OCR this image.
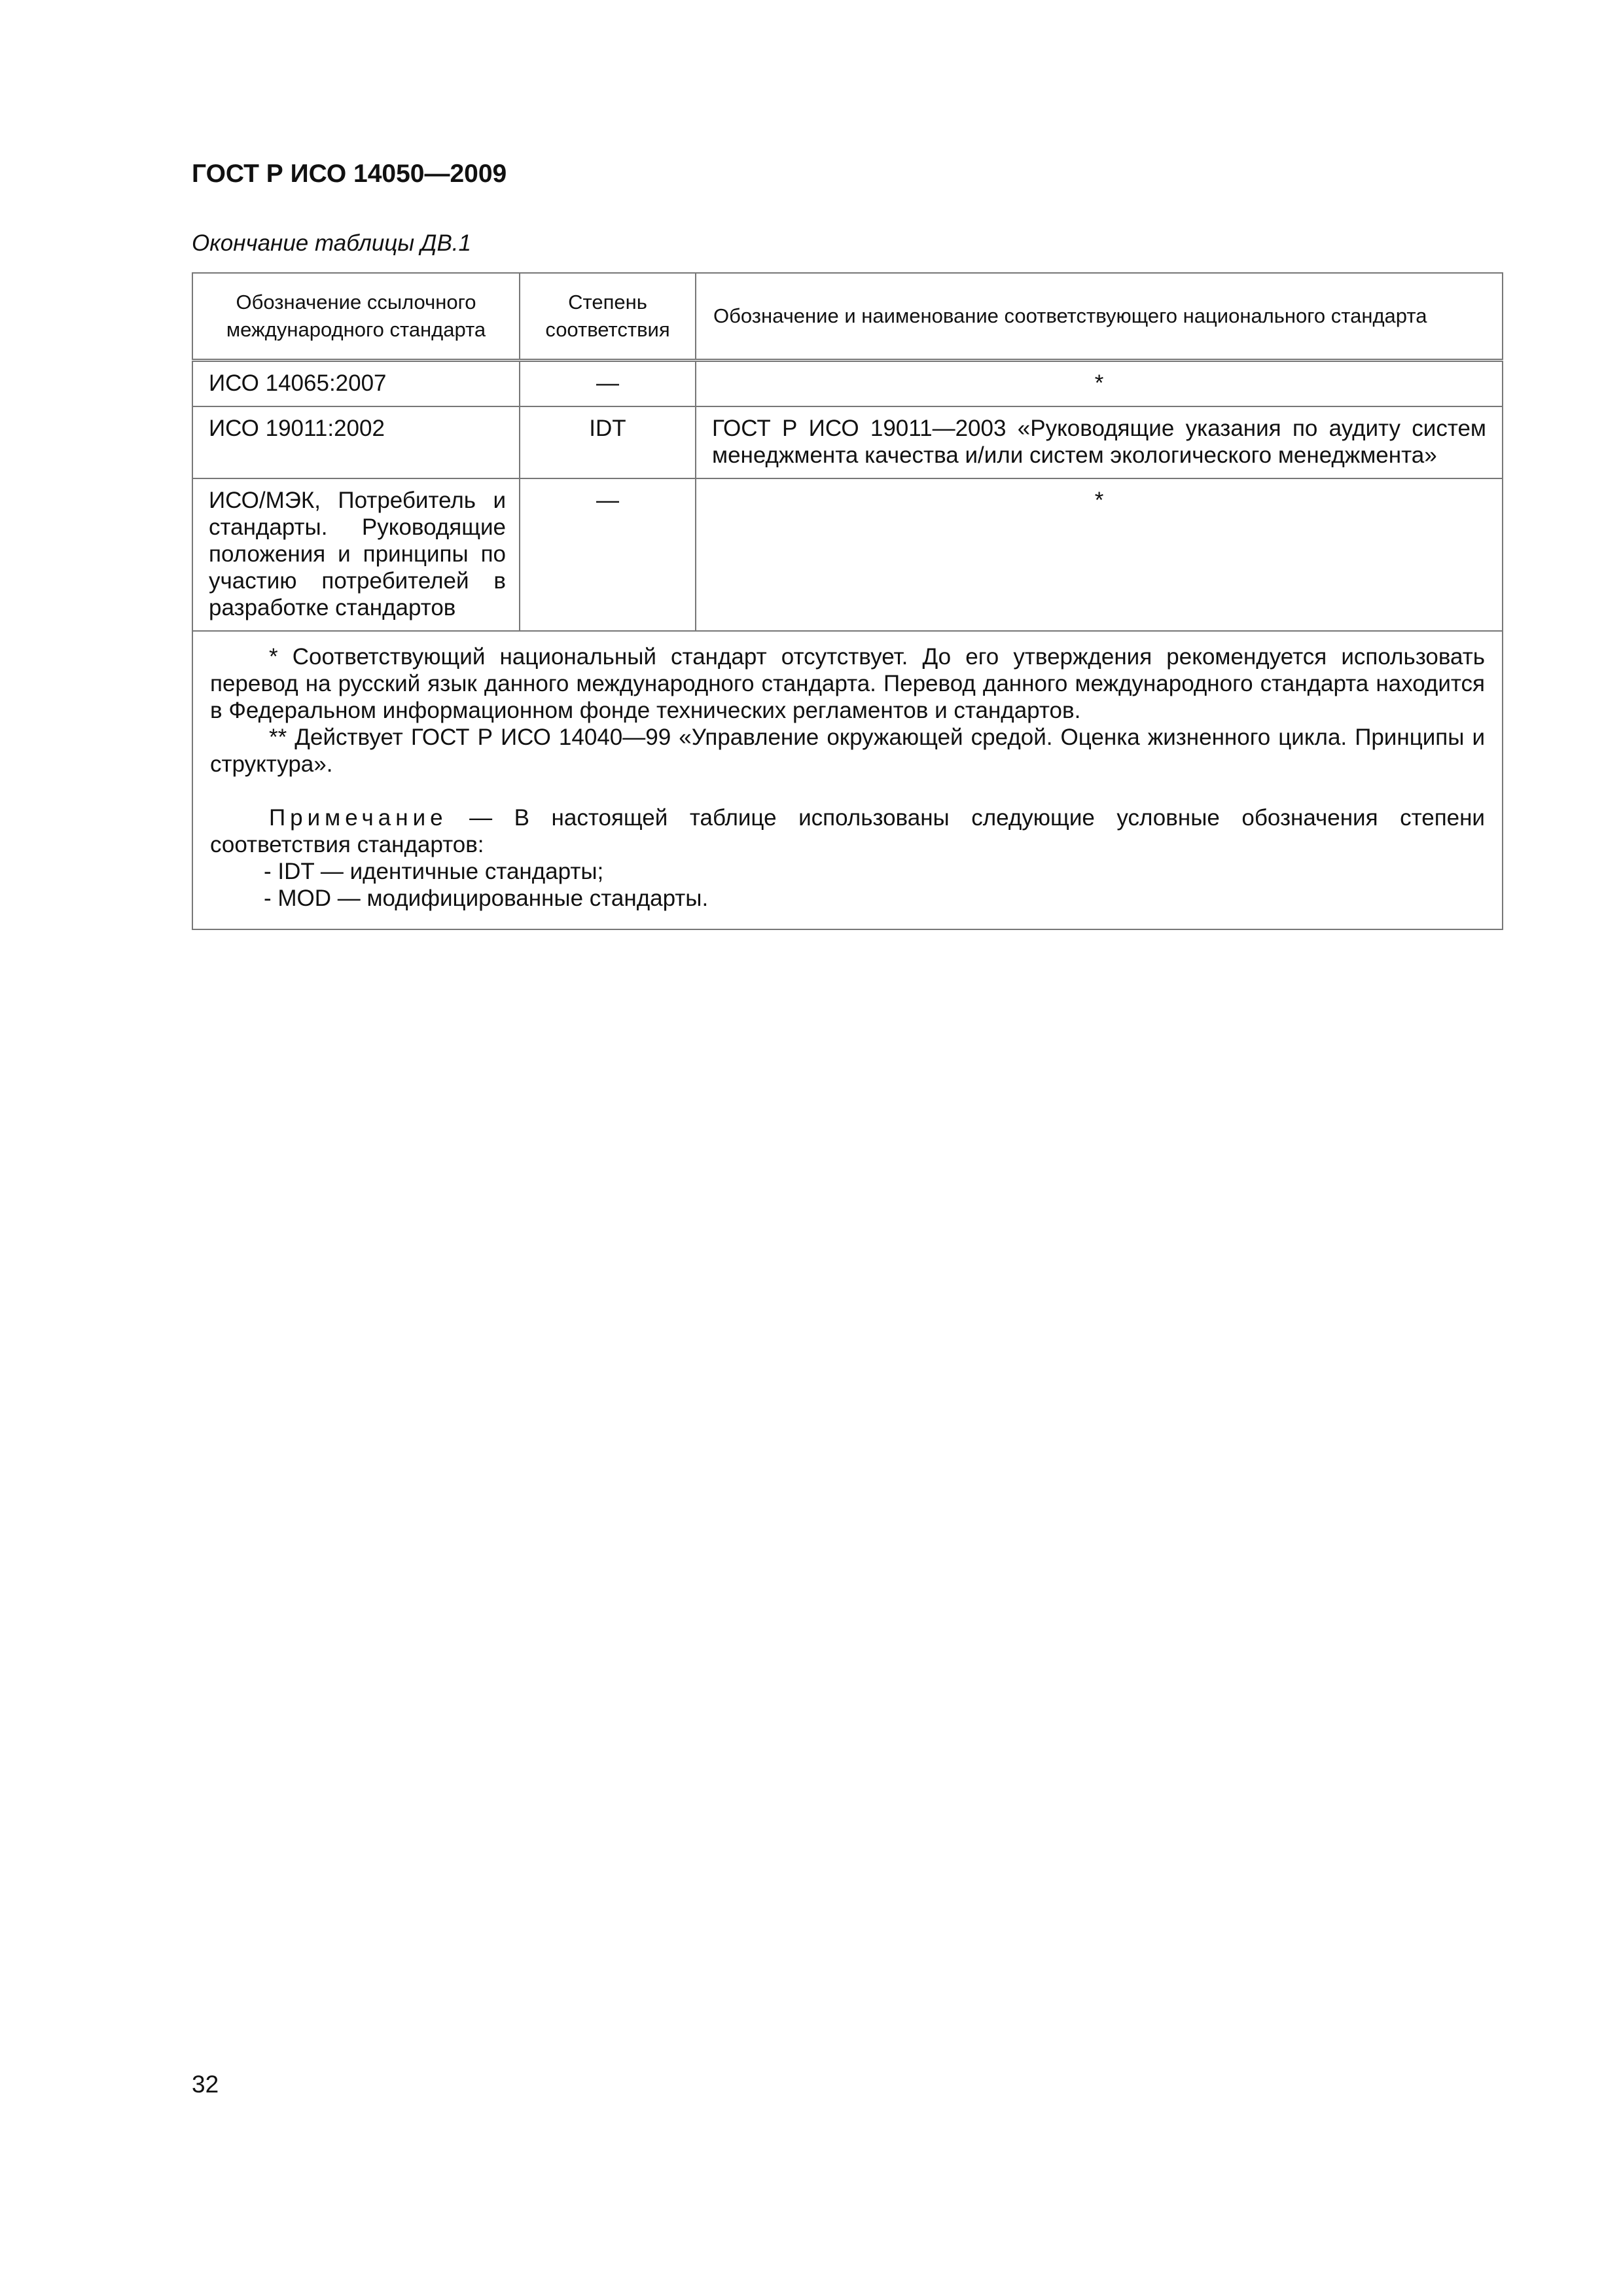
ГОСТ Р ИСО 14050—2009
Окончание таблицы ДВ.1
Обозначение ссылочного международного стандарта	Степень соответствия	Обозначение и наименование соответствующего национального стандарта
ИСО 14065:2007	—	*
ИСО 19011:2002	IDT	ГОСТ Р ИСО 19011—2003 «Руководящие указания по аудиту систем менеджмента качества и/или систем экологического менеджмента»
ИСО/МЭК, Потребитель и стандарты. Руководящие положения и принципы по участию потребителей в разработке стандартов	—	*

* Соответствующий национальный стандарт отсутствует. До его утверждения рекомендуется использовать перевод на русский язык данного международного стандарта. Перевод данного международного стандарта находится в Федеральном информационном фонде технических регламентов и стандартов.

** Действует ГОСТ Р ИСО 14040—99 «Управление окружающей средой. Оценка жизненного цикла. Принципы и структура».

Примечание — В настоящей таблице использованы следующие условные обозначения степени соответствия стандартов:

- IDT — идентичные стандарты;

- MOD — модифицированные стандарты.		

32
